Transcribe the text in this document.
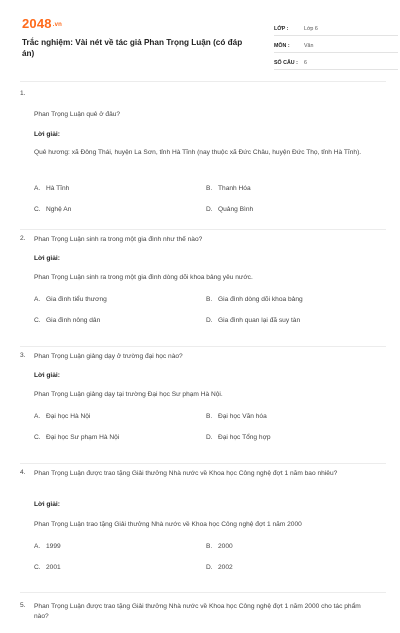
2048.vn
Trắc nghiệm: Vài nét về tác giả Phan Trọng Luận (có đáp án)
LỚP :	Lớp 6
MÔN :	Văn
SỐ CÂU :	6
1.

Phan Trọng Luận quê ở đâu?

Lời giải:
Quê hương: xã Đông Thái, huyện La Sơn, tỉnh Hà Tĩnh (nay thuộc xã Đức Châu, huyện Đức Thọ, tỉnh Hà Tĩnh).
A. Hà Tĩnh	B. Thanh Hóa
C. Nghệ An	D. Quảng Bình
2. Phan Trọng Luận sinh ra trong một gia đình như thế nào?

Lời giải:
Phan Trọng Luận sinh ra trong một gia đình dòng dõi khoa bảng yêu nước.
A. Gia đình tiểu thương	B. Gia đình dòng dõi khoa bảng
C. Gia đình nông dân	D. Gia đình quan lại đã suy tàn
3. Phan Trọng Luận giảng dạy ở trường đại học nào?

Lời giải:
Phan Trọng Luận giảng dạy tại trường Đại học Sư phạm Hà Nội.
A. Đại học Hà Nội	B. Đại học Văn hóa
C. Đại học Sư phạm Hà Nội	D. Đại học Tổng hợp
4. Phan Trọng Luận được trao tặng Giải thưởng Nhà nước về Khoa học Công nghệ đợt 1 năm bao nhiêu?

Lời giải:
Phan Trọng Luận trao tặng Giải thưởng Nhà nước về Khoa học Công nghệ đợt 1 năm 2000
A. 1999	B. 2000
C. 2001	D. 2002
5. Phan Trọng Luận được trao tặng Giải thưởng Nhà nước về Khoa học Công nghệ đợt 1 năm 2000 cho tác phẩm nào?
